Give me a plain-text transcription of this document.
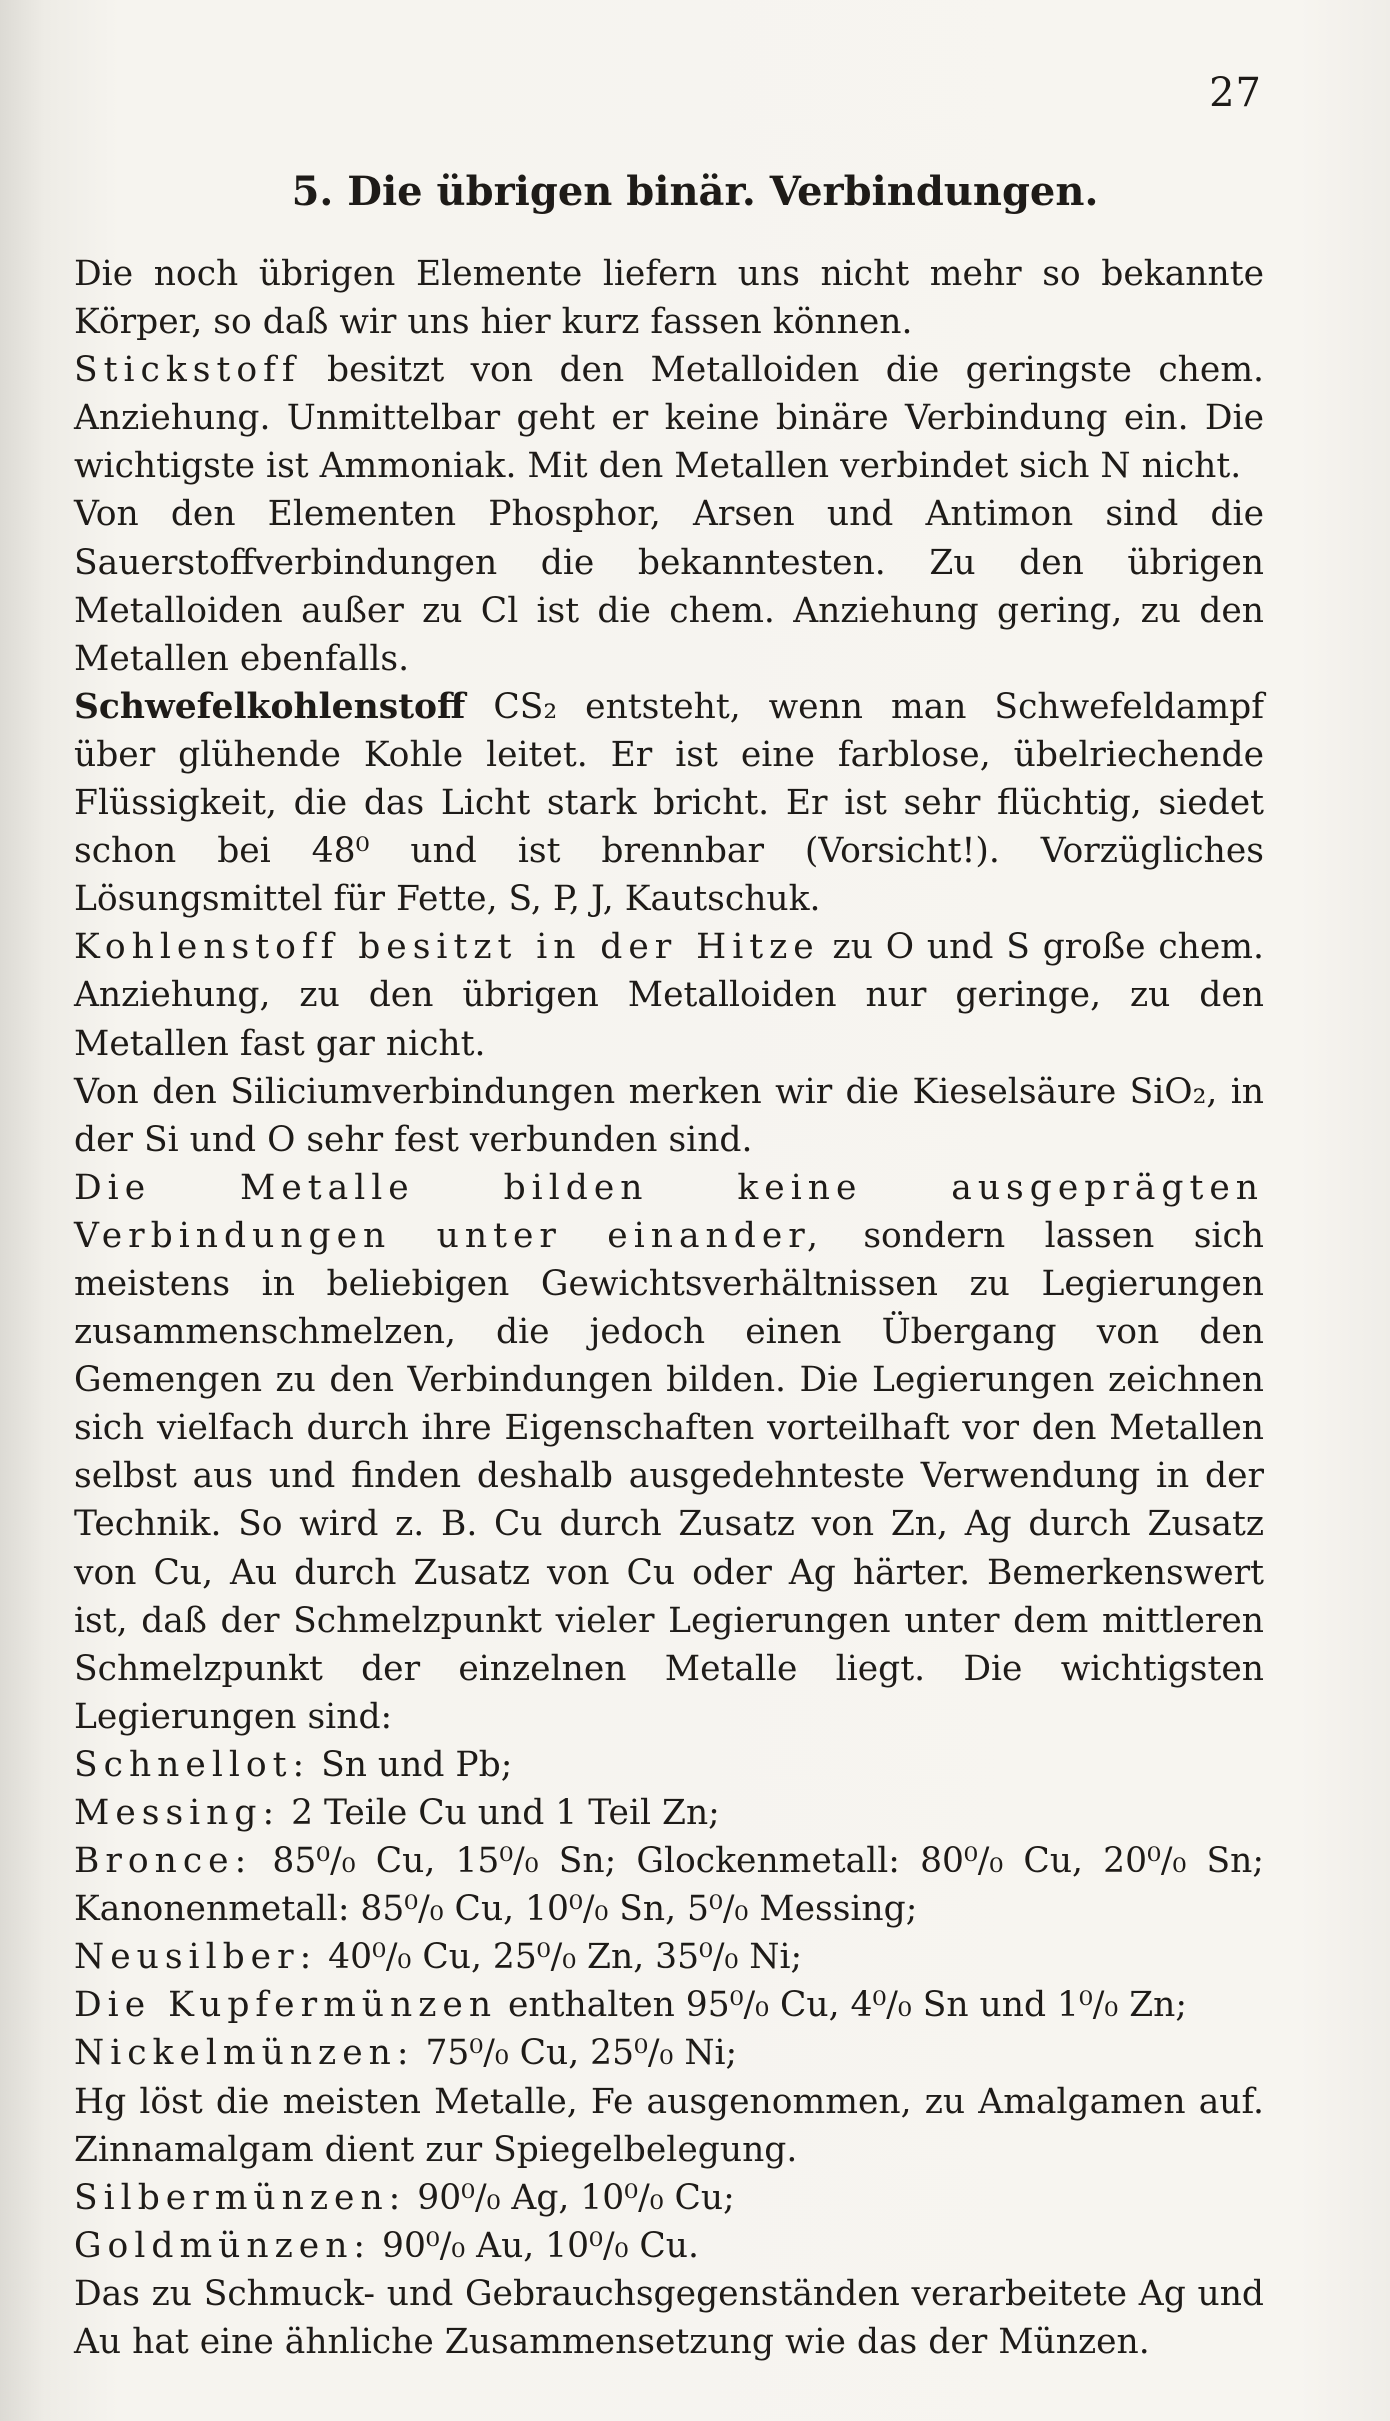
27
5. Die übrigen binär. Verbindungen.

Die noch übrigen Elemente liefern uns nicht mehr so bekannte Körper, so daß wir uns hier kurz fassen können.

Stickstoff besitzt von den Metalloiden die geringste chem. Anziehung. Unmittelbar geht er keine binäre Verbindung ein. Die wichtigste ist Ammoniak. Mit den Metallen verbindet sich N nicht.

Von den Elementen Phosphor, Arsen und Antimon sind die Sauerstoffverbindungen die bekanntesten. Zu den übrigen Metalloiden außer zu Cl ist die chem. Anziehung gering, zu den Metallen ebenfalls.

Schwefelkohlenstoff CS₂ entsteht, wenn man Schwefeldampf über glühende Kohle leitet. Er ist eine farblose, übelriechende Flüssigkeit, die das Licht stark bricht. Er ist sehr flüchtig, siedet schon bei 48⁰ und ist brennbar (Vorsicht!). Vorzügliches Lösungsmittel für Fette, S, P, J, Kautschuk.

Kohlenstoff besitzt in der Hitze zu O und S große chem. Anziehung, zu den übrigen Metalloiden nur geringe, zu den Metallen fast gar nicht.

Von den Siliciumverbindungen merken wir die Kieselsäure SiO₂, in der Si und O sehr fest verbunden sind.

Die Metalle bilden keine ausgeprägten Verbindungen unter einander, sondern lassen sich meistens in beliebigen Gewichtsverhältnissen zu Legierungen zusammenschmelzen, die jedoch einen Übergang von den Gemengen zu den Verbindungen bilden. Die Legierungen zeichnen sich vielfach durch ihre Eigenschaften vorteilhaft vor den Metallen selbst aus und finden deshalb ausgedehnteste Verwendung in der Technik. So wird z. B. Cu durch Zusatz von Zn, Ag durch Zusatz von Cu, Au durch Zusatz von Cu oder Ag härter. Bemerkenswert ist, daß der Schmelzpunkt vieler Legierungen unter dem mittleren Schmelzpunkt der einzelnen Metalle liegt. Die wichtigsten Legierungen sind:

Schnellot: Sn und Pb;

Messing: 2 Teile Cu und 1 Teil Zn;

Bronce: 85⁰/₀ Cu, 15⁰/₀ Sn; Glockenmetall: 80⁰/₀ Cu, 20⁰/₀ Sn; Kanonenmetall: 85⁰/₀ Cu, 10⁰/₀ Sn, 5⁰/₀ Messing;

Neusilber: 40⁰/₀ Cu, 25⁰/₀ Zn, 35⁰/₀ Ni;

Die Kupfermünzen enthalten 95⁰/₀ Cu, 4⁰/₀ Sn und 1⁰/₀ Zn;

Nickelmünzen: 75⁰/₀ Cu, 25⁰/₀ Ni;

Hg löst die meisten Metalle, Fe ausgenommen, zu Amalgamen auf. Zinnamalgam dient zur Spiegelbelegung.

Silbermünzen: 90⁰/₀ Ag, 10⁰/₀ Cu;

Goldmünzen: 90⁰/₀ Au, 10⁰/₀ Cu.

Das zu Schmuck- und Gebrauchsgegenständen verarbeitete Ag und Au hat eine ähnliche Zusammensetzung wie das der Münzen.
